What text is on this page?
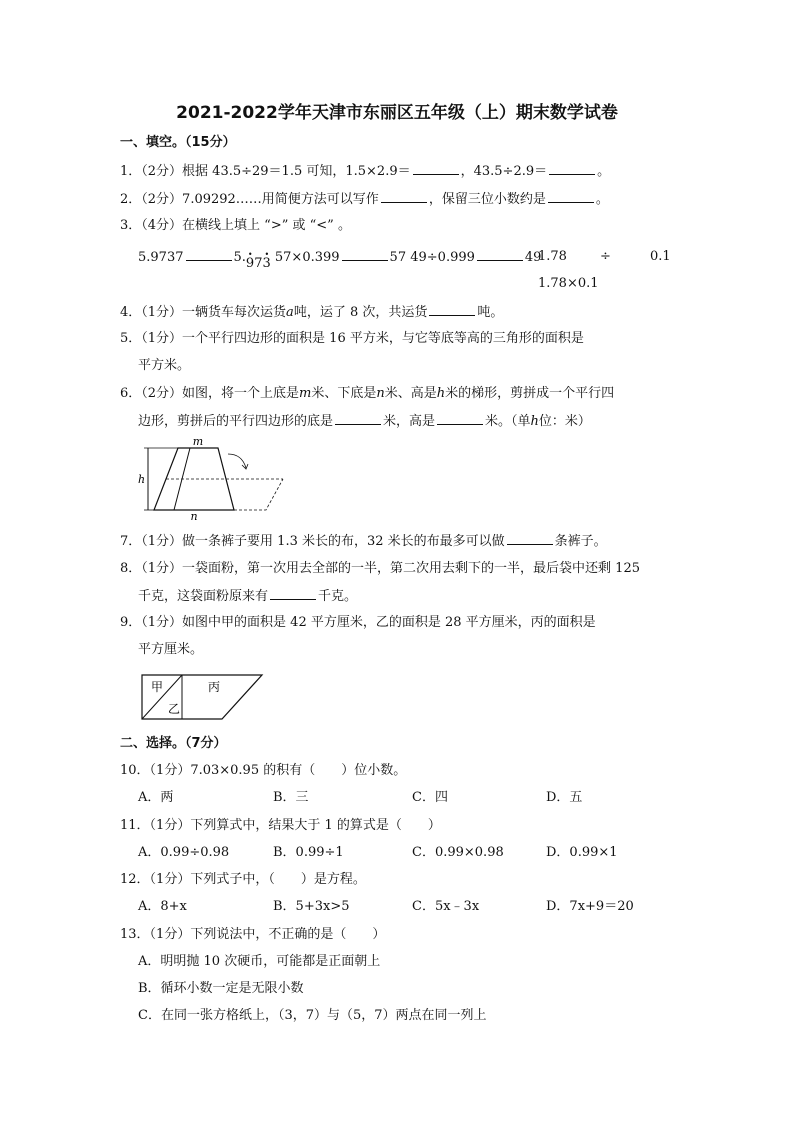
2021-2022学年天津市东丽区五年级（上）期末数学试卷
一、填空。（15分）
1．（2分）根据 43.5÷29＝1.5 可知，1.5×2.9＝	，43.5÷2.9＝	。
2．（2分）7.09292……用简便方法可以写作	，保留三位小数约是	。
3．（4分）在横线上填上 “>” 或 “<” 。
5.9737	5.• 97• 3 57×0.399	57 49÷0.999	49
1.78	÷	0.1
1.78×0.1
4．（1分）一辆货车每次运货a吨，运了 8 次，共运货	吨。
5．（1分）一个平行四边形的面积是 16 平方米，与它等底等高的三角形的面积是
平方米。
6．（2分）如图，将一个上底是m米、下底是n米、高是h米的梯形，剪拼成一个平行四
边形，剪拼后的平行四边形的底是	米，高是	米。（单h位：米）
m
h
n
7．（1分）做一条裤子要用 1.3 米长的布，32 米长的布最多可以做	条裤子。
8．（1分）一袋面粉，第一次用去全部的一半，第二次用去剩下的一半，最后袋中还剩 125
千克，这袋面粉原来有	千克。
9．（1分）如图中甲的面积是 42 平方厘米，乙的面积是 28 平方厘米，丙的面积是
平方厘米。
甲
乙
丙
二、选择。（7分）
10．（1分）7.03×0.95 的积有（　　）位小数。
A．两	B．三	C．四	D．五
11．（1分）下列算式中，结果大于 1 的算式是（　　）
A．0.99÷0.98	B．0.99÷1	C．0.99×0.98	D．0.99×1
12．（1分）下列式子中，（　　）是方程。
A．8+x	B．5+3x>5	C．5x﹣3x	D．7x+9＝20
13．（1分）下列说法中，不正确的是（　　）
A．明明抛 10 次硬币，可能都是正面朝上
B．循环小数一定是无限小数
C．在同一张方格纸上，（3，7）与（5，7）两点在同一列上
